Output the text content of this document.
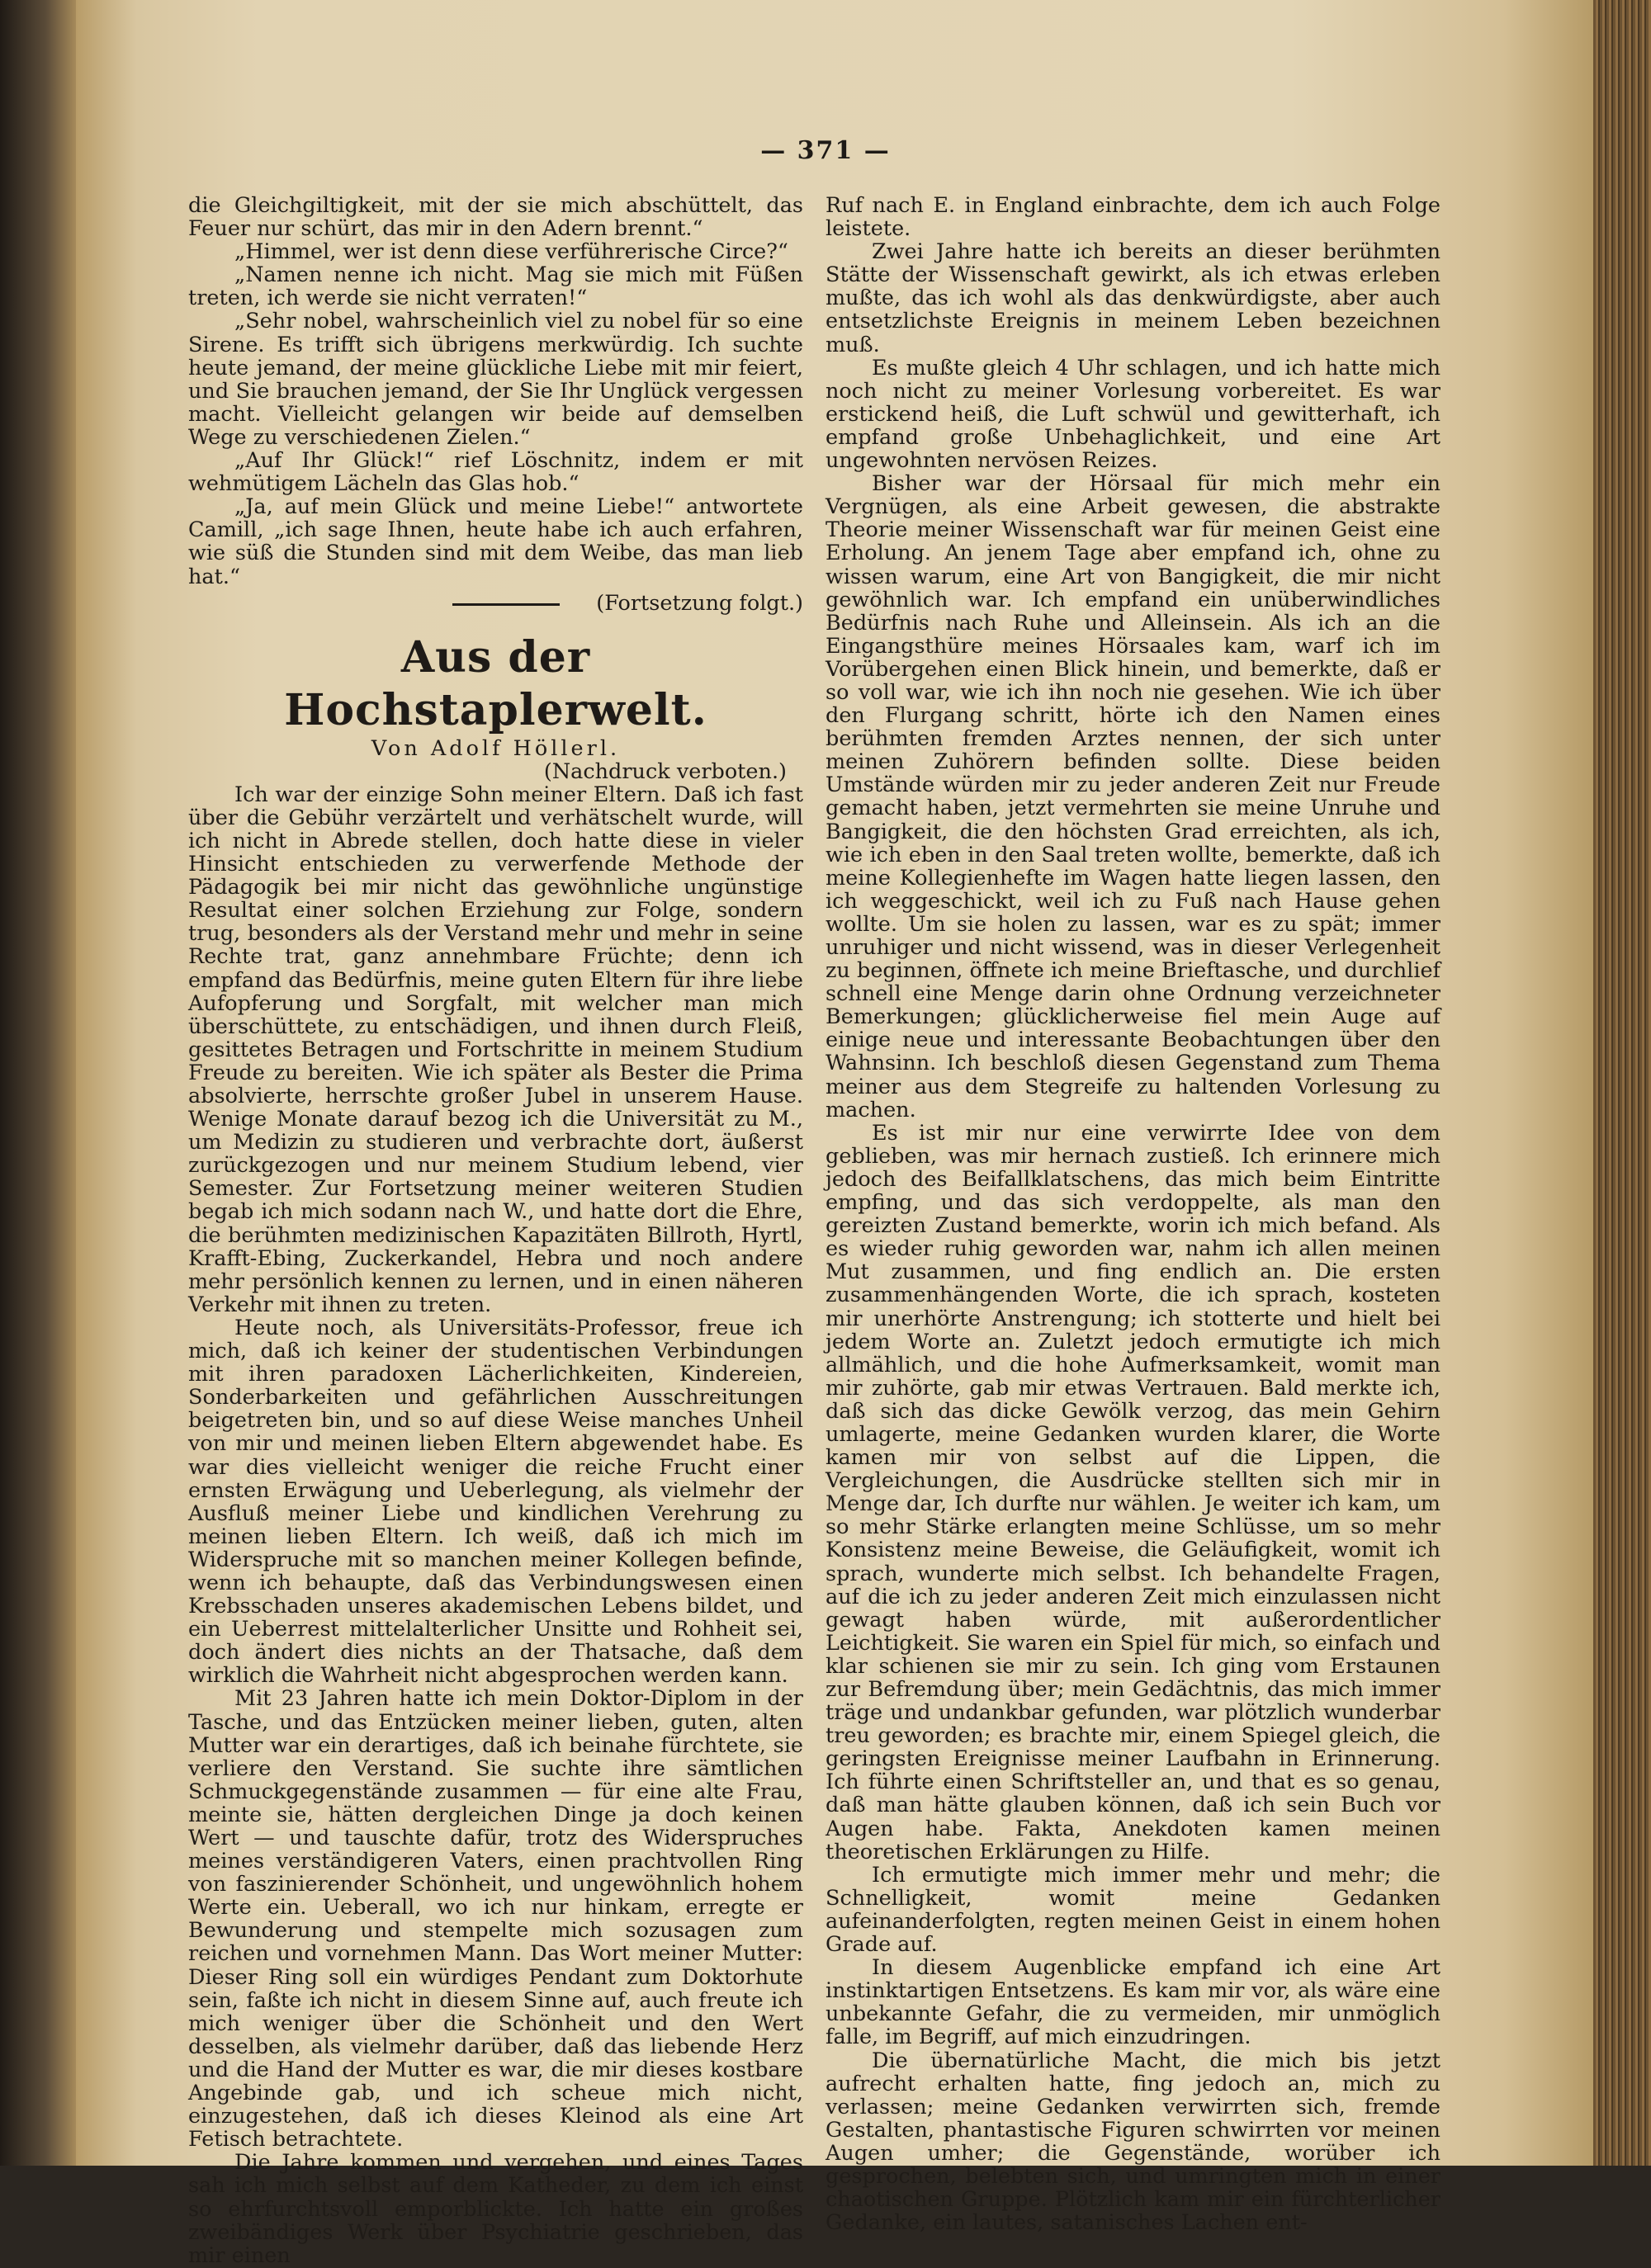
— 371 —

die Gleichgiltigkeit, mit der sie mich abschüttelt, das Feuer nur schürt, das mir in den Adern brennt.“

„Himmel, wer ist denn diese verführerische Circe?“

„Namen nenne ich nicht. Mag sie mich mit Füßen treten, ich werde sie nicht verraten!“

„Sehr nobel, wahrscheinlich viel zu nobel für so eine Sirene. Es trifft sich übrigens merkwürdig. Ich suchte heute jemand, der meine glückliche Liebe mit mir feiert, und Sie brauchen jemand, der Sie Ihr Unglück vergessen macht. Vielleicht gelangen wir beide auf demselben Wege zu verschiedenen Zielen.“

„Auf Ihr Glück!“ rief Löschnitz, indem er mit wehmütigem Lächeln das Glas hob.“

„Ja, auf mein Glück und meine Liebe!“ antwortete Camill, „ich sage Ihnen, heute habe ich auch erfahren, wie süß die Stunden sind mit dem Weibe, das man lieb hat.“

(Fortsetzung folgt.)
Aus der Hochstaplerwelt.
Von Adolf Höllerl.
(Nachdruck verboten.)

Ich war der einzige Sohn meiner Eltern. Daß ich fast über die Gebühr verzärtelt und verhätschelt wurde, will ich nicht in Abrede stellen, doch hatte diese in vieler Hinsicht entschieden zu verwerfende Methode der Pädagogik bei mir nicht das gewöhnliche ungünstige Resultat einer solchen Erziehung zur Folge, sondern trug, besonders als der Verstand mehr und mehr in seine Rechte trat, ganz annehmbare Früchte; denn ich empfand das Bedürfnis, meine guten Eltern für ihre liebe Aufopferung und Sorgfalt, mit welcher man mich überschüttete, zu entschädigen, und ihnen durch Fleiß, gesittetes Betragen und Fortschritte in meinem Studium Freude zu bereiten. Wie ich später als Bester die Prima absolvierte, herrschte großer Jubel in unserem Hause. Wenige Monate darauf bezog ich die Universität zu M., um Medizin zu studieren und verbrachte dort, äußerst zurückgezogen und nur meinem Studium lebend, vier Semester. Zur Fortsetzung meiner weiteren Studien begab ich mich sodann nach W., und hatte dort die Ehre, die berühmten medizinischen Kapazitäten Billroth, Hyrtl, Krafft-Ebing, Zuckerkandel, Hebra und noch andere mehr persönlich kennen zu lernen, und in einen näheren Verkehr mit ihnen zu treten.

Heute noch, als Universitäts-Professor, freue ich mich, daß ich keiner der studentischen Verbindungen mit ihren paradoxen Lächerlichkeiten, Kindereien, Sonderbarkeiten und gefährlichen Ausschreitungen beigetreten bin, und so auf diese Weise manches Unheil von mir und meinen lieben Eltern abgewendet habe. Es war dies vielleicht weniger die reiche Frucht einer ernsten Erwägung und Ueberlegung, als vielmehr der Ausfluß meiner Liebe und kindlichen Verehrung zu meinen lieben Eltern. Ich weiß, daß ich mich im Widerspruche mit so manchen meiner Kollegen befinde, wenn ich behaupte, daß das Verbindungswesen einen Krebsschaden unseres akademischen Lebens bildet, und ein Ueberrest mittelalterlicher Unsitte und Rohheit sei, doch ändert dies nichts an der Thatsache, daß dem wirklich die Wahrheit nicht abgesprochen werden kann.

Mit 23 Jahren hatte ich mein Doktor-Diplom in der Tasche, und das Entzücken meiner lieben, guten, alten Mutter war ein derartiges, daß ich beinahe fürchtete, sie verliere den Verstand. Sie suchte ihre sämtlichen Schmuckgegenstände zusammen — für eine alte Frau, meinte sie, hätten dergleichen Dinge ja doch keinen Wert — und tauschte dafür, trotz des Widerspruches meines verständigeren Vaters, einen prachtvollen Ring von faszinierender Schönheit, und ungewöhnlich hohem Werte ein. Ueberall, wo ich nur hinkam, erregte er Bewunderung und stempelte mich sozusagen zum reichen und vornehmen Mann. Das Wort meiner Mutter: Dieser Ring soll ein würdiges Pendant zum Doktorhute sein, faßte ich nicht in diesem Sinne auf, auch freute ich mich weniger über die Schönheit und den Wert desselben, als vielmehr darüber, daß das liebende Herz und die Hand der Mutter es war, die mir dieses kostbare Angebinde gab, und ich scheue mich nicht, einzugestehen, daß ich dieses Kleinod als eine Art Fetisch betrachtete.

Die Jahre kommen und vergehen, und eines Tages sah ich mich selbst auf dem Katheder, zu dem ich einst so ehrfurchtsvoll emporblickte. Ich hatte ein großes zweibändiges Werk über Psychiatrie geschrieben, das mir einen

Ruf nach E. in England einbrachte, dem ich auch Folge leistete.

Zwei Jahre hatte ich bereits an dieser berühmten Stätte der Wissenschaft gewirkt, als ich etwas erleben mußte, das ich wohl als das denkwürdigste, aber auch entsetzlichste Ereignis in meinem Leben bezeichnen muß.

Es mußte gleich 4 Uhr schlagen, und ich hatte mich noch nicht zu meiner Vorlesung vorbereitet. Es war erstickend heiß, die Luft schwül und gewitterhaft, ich empfand große Unbehaglichkeit, und eine Art ungewohnten nervösen Reizes.

Bisher war der Hörsaal für mich mehr ein Vergnügen, als eine Arbeit gewesen, die abstrakte Theorie meiner Wissenschaft war für meinen Geist eine Erholung. An jenem Tage aber empfand ich, ohne zu wissen warum, eine Art von Bangigkeit, die mir nicht gewöhnlich war. Ich empfand ein unüberwindliches Bedürfnis nach Ruhe und Alleinsein. Als ich an die Eingangsthüre meines Hörsaales kam, warf ich im Vorübergehen einen Blick hinein, und bemerkte, daß er so voll war, wie ich ihn noch nie gesehen. Wie ich über den Flurgang schritt, hörte ich den Namen eines berühmten fremden Arztes nennen, der sich unter meinen Zuhörern befinden sollte. Diese beiden Umstände würden mir zu jeder anderen Zeit nur Freude gemacht haben, jetzt vermehrten sie meine Unruhe und Bangigkeit, die den höchsten Grad erreichten, als ich, wie ich eben in den Saal treten wollte, bemerkte, daß ich meine Kollegienhefte im Wagen hatte liegen lassen, den ich weggeschickt, weil ich zu Fuß nach Hause gehen wollte. Um sie holen zu lassen, war es zu spät; immer unruhiger und nicht wissend, was in dieser Verlegenheit zu beginnen, öffnete ich meine Brieftasche, und durchlief schnell eine Menge darin ohne Ordnung verzeichneter Bemerkungen; glücklicherweise fiel mein Auge auf einige neue und interessante Beobachtungen über den Wahnsinn. Ich beschloß diesen Gegenstand zum Thema meiner aus dem Stegreife zu haltenden Vorlesung zu machen.

Es ist mir nur eine verwirrte Idee von dem geblieben, was mir hernach zustieß. Ich erinnere mich jedoch des Beifallklatschens, das mich beim Eintritte empfing, und das sich verdoppelte, als man den gereizten Zustand bemerkte, worin ich mich befand. Als es wieder ruhig geworden war, nahm ich allen meinen Mut zusammen, und fing endlich an. Die ersten zusammenhängenden Worte, die ich sprach, kosteten mir unerhörte Anstrengung; ich stotterte und hielt bei jedem Worte an. Zuletzt jedoch ermutigte ich mich allmählich, und die hohe Aufmerksamkeit, womit man mir zuhörte, gab mir etwas Vertrauen. Bald merkte ich, daß sich das dicke Gewölk verzog, das mein Gehirn umlagerte, meine Gedanken wurden klarer, die Worte kamen mir von selbst auf die Lippen, die Vergleichungen, die Ausdrücke stellten sich mir in Menge dar, Ich durfte nur wählen. Je weiter ich kam, um so mehr Stärke erlangten meine Schlüsse, um so mehr Konsistenz meine Beweise, die Geläufigkeit, womit ich sprach, wunderte mich selbst. Ich behandelte Fragen, auf die ich zu jeder anderen Zeit mich einzulassen nicht gewagt haben würde, mit außerordentlicher Leichtigkeit. Sie waren ein Spiel für mich, so einfach und klar schienen sie mir zu sein. Ich ging vom Erstaunen zur Befremdung über; mein Gedächtnis, das mich immer träge und undankbar gefunden, war plötzlich wunderbar treu geworden; es brachte mir, einem Spiegel gleich, die geringsten Ereignisse meiner Laufbahn in Erinnerung. Ich führte einen Schriftsteller an, und that es so genau, daß man hätte glauben können, daß ich sein Buch vor Augen habe. Fakta, Anekdoten kamen meinen theoretischen Erklärungen zu Hilfe.

Ich ermutigte mich immer mehr und mehr; die Schnelligkeit, womit meine Gedanken aufeinanderfolgten, regten meinen Geist in einem hohen Grade auf.

In diesem Augenblicke empfand ich eine Art instinktartigen Entsetzens. Es kam mir vor, als wäre eine unbekannte Gefahr, die zu vermeiden, mir unmöglich falle, im Begriff, auf mich einzudringen.

Die übernatürliche Macht, die mich bis jetzt aufrecht erhalten hatte, fing jedoch an, mich zu verlassen; meine Gedanken verwirrten sich, fremde Gestalten, phantastische Figuren schwirrten vor meinen Augen umher; die Gegenstände, worüber ich gesprochen, belebten sich, und umringten mich in einer chaotischen Gruppe. Plötzlich kam mir ein fürchterlicher Gedanke, ein lautes, satanisches Lachen ent-
